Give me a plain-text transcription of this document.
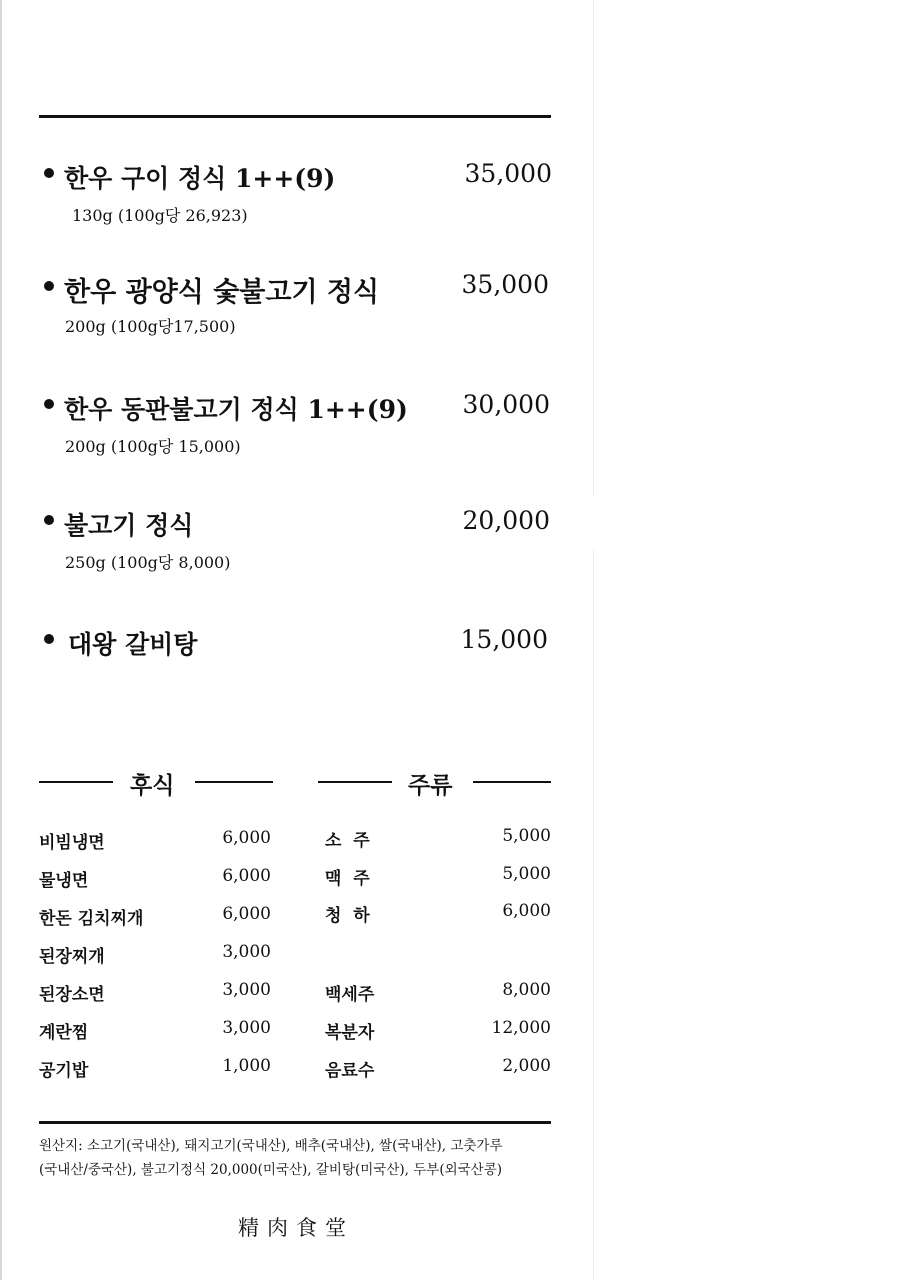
한우 구이 정식 1++(9)	35,000
130g (100g당 26,923)
한우 광양식 숯불고기 정식	35,000
200g (100g당17,500)
한우 동판불고기 정식 1++(9) 30,000
200g (100g당 15,000)
불고기 정식	20,000
250g (100g당 8,000)
대왕 갈비탕	15,000
후식	주류
비빔냉면	6,000
물냉면	6,000
한돈 김치찌개	6,000
된장찌개	3,000
된장소면	3,000
계란찜	3,000
공기밥	1,000
소  주	5,000
맥  주	5,000
청  하	6,000
백세주	8,000
복분자	12,000
음료수	2,000
원산지: 소고기(국내산), 돼지고기(국내산), 배추(국내산), 쌀(국내산), 고춧가루
(국내산/중국산), 불고기정식 20,000(미국산), 갈비탕(미국산), 두부(외국산콩)
精肉食堂
